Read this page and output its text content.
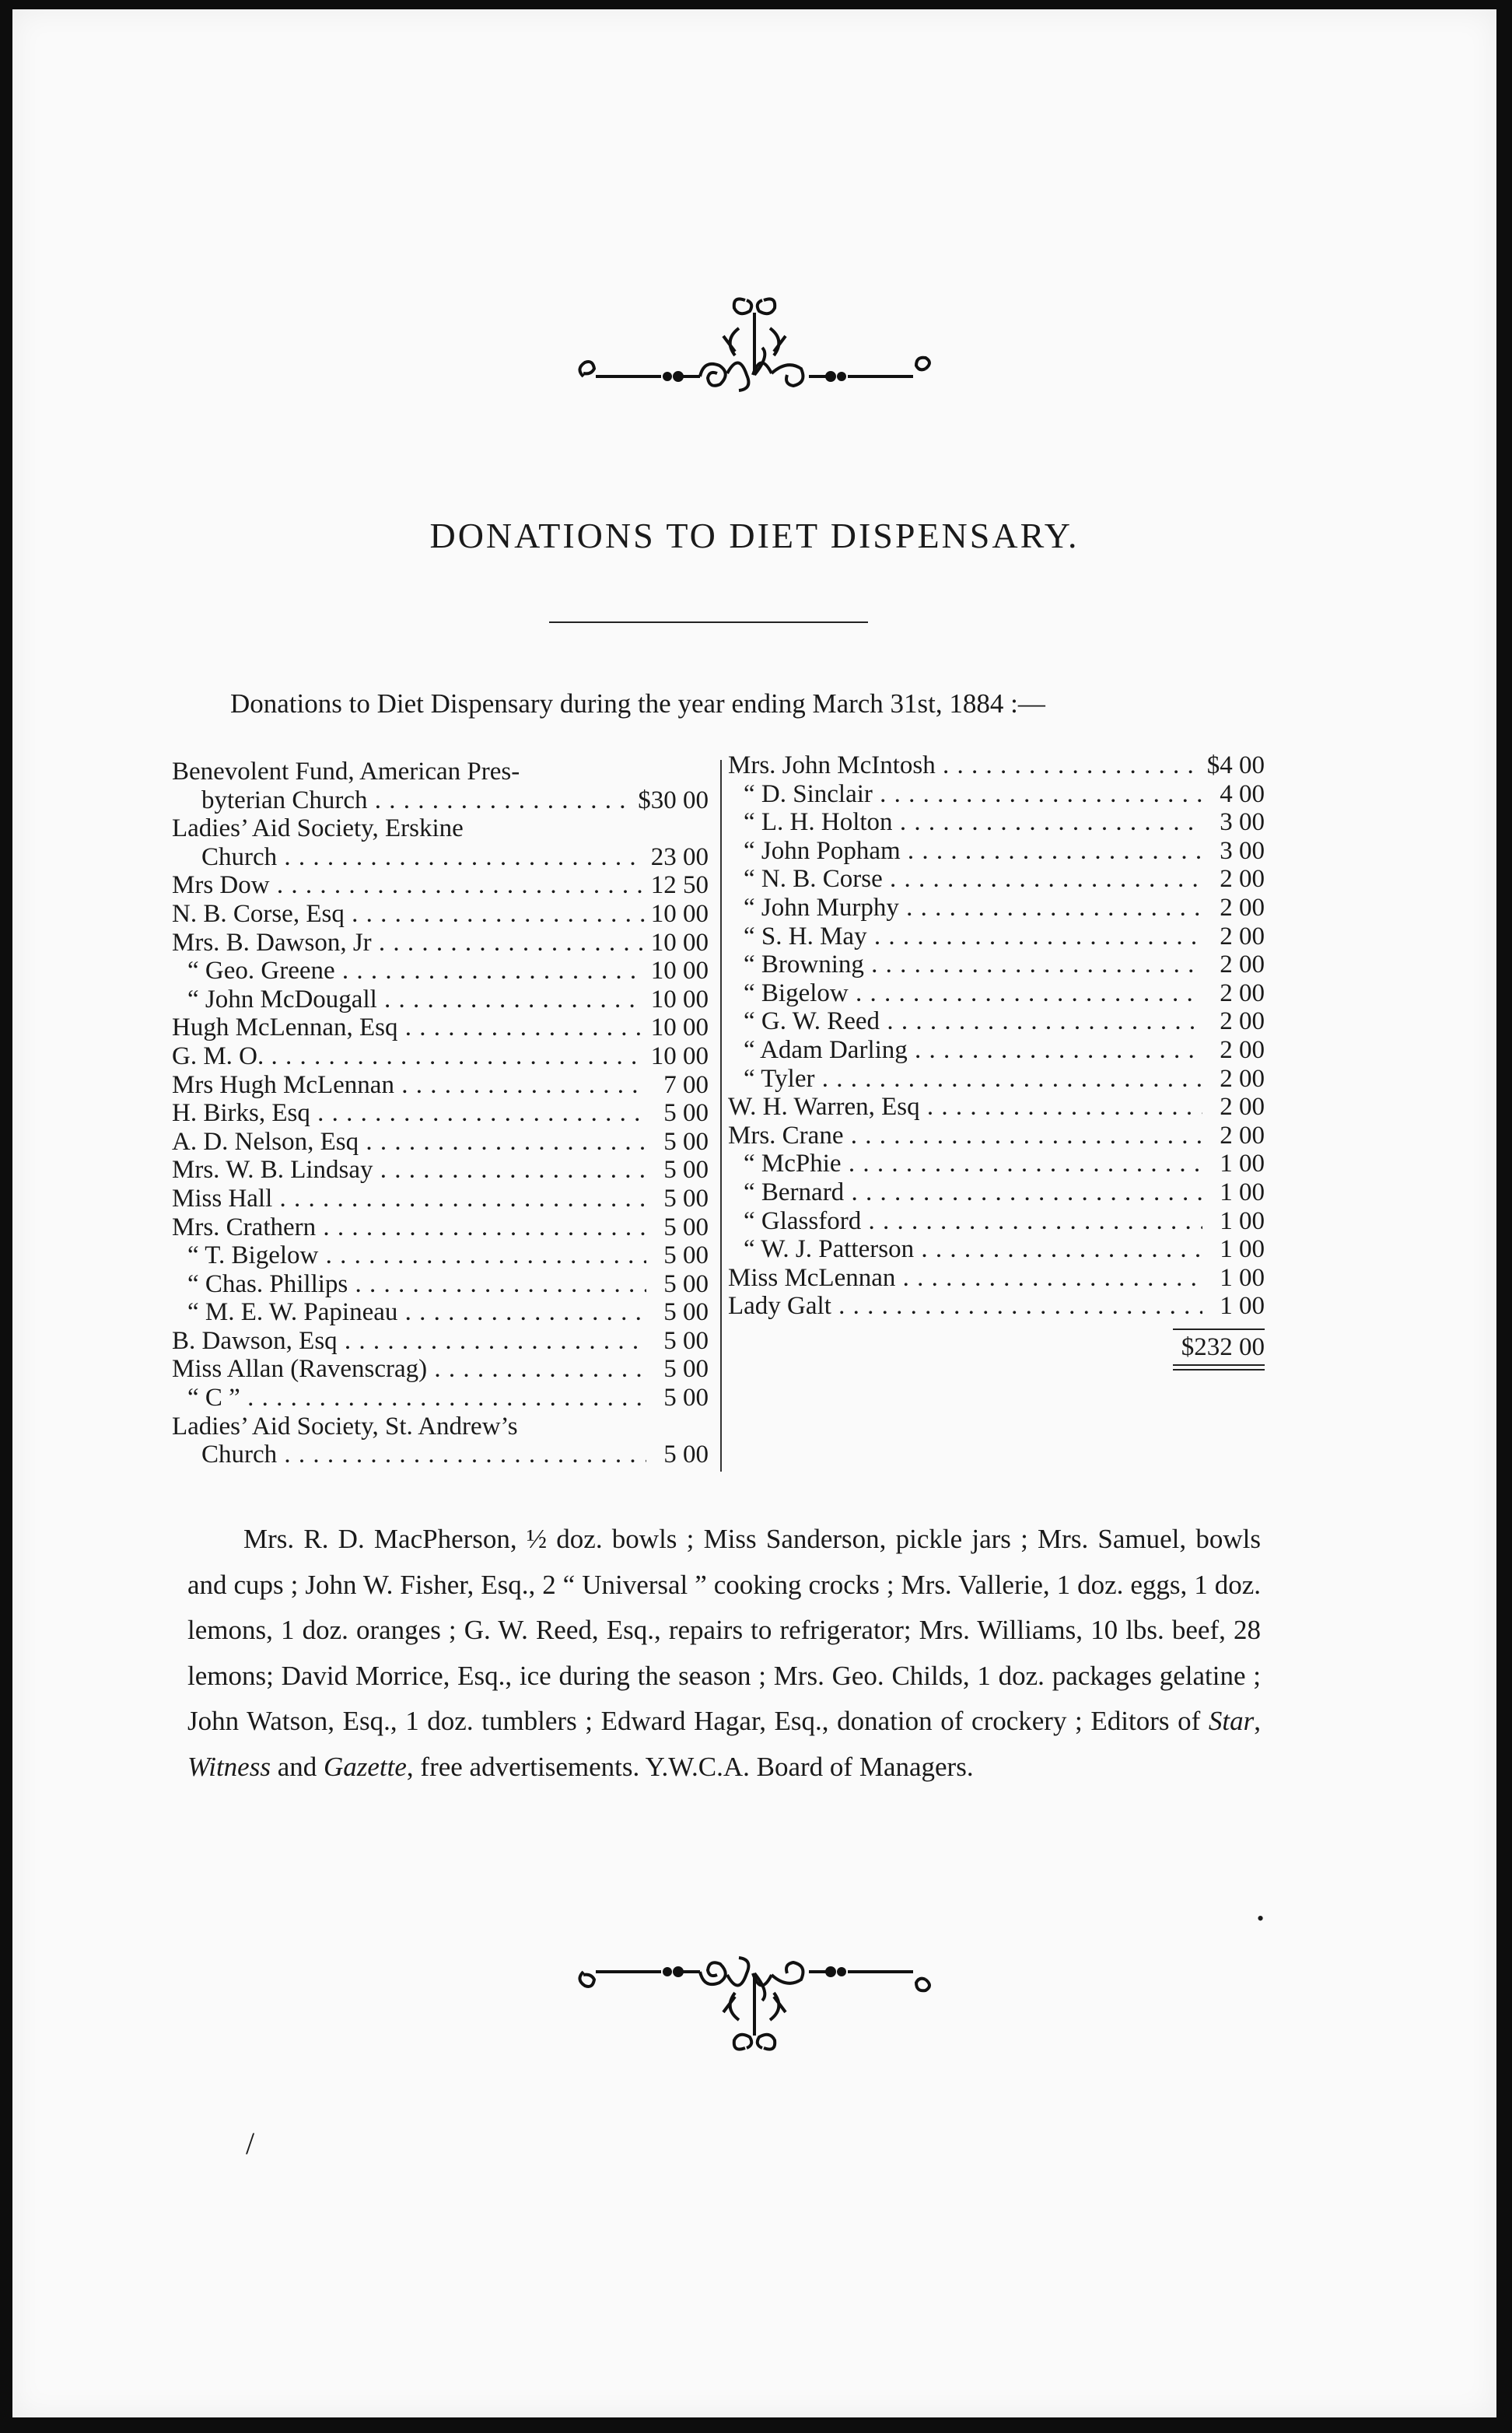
DONATIONS TO DIET DISPENSARY.
Donations to Diet Dispensary during the year ending March 31st, 1884 :—
Benevolent Fund, American Pres-
byterian Church . . .	$30 00
Ladies’ Aid Society, Erskine
Church . . .	23 00
Mrs Dow . . .	12 50
N. B. Corse, Esq . . .	10 00
Mrs. B. Dawson, Jr . . .	10 00
“ Geo. Greene . . .	10 00
“ John McDougall . . .	10 00
Hugh McLennan, Esq . . .	10 00
G. M. O. . . .	10 00
Mrs Hugh McLennan . . .	7 00
H. Birks, Esq . . .	5 00
A. D. Nelson, Esq . . .	5 00
Mrs. W. B. Lindsay . . .	5 00
Miss Hall . . .	5 00
Mrs. Crathern . . .	5 00
“ T. Bigelow . . .	5 00
“ Chas. Phillips . . .	5 00
“ M. E. W. Papineau . . .	5 00
B. Dawson, Esq . . .	5 00
Miss Allan (Ravenscrag) . . .	5 00
“ C ” . . .	5 00
Ladies’ Aid Society, St. Andrew’s
Church . . .	5 00
Mrs. John McIntosh . . .	$4 00
“ D. Sinclair . . .	4 00
“ L. H. Holton . . .	3 00
“ John Popham . . .	3 00
“ N. B. Corse . . .	2 00
“ John Murphy . . .	2 00
“ S. H. May . . .	2 00
“ Browning . . .	2 00
“ Bigelow . . .	2 00
“ G. W. Reed . . .	2 00
“ Adam Darling . . .	2 00
“ Tyler . . .	2 00
W. H. Warren, Esq . . .	2 00
Mrs. Crane . . .	2 00
“ McPhie . . .	1 00
“ Bernard . . .	1 00
“ Glassford . . .	1 00
“ W. J. Patterson . . .	1 00
Miss McLennan . . .	1 00
Lady Galt . . .	1 00
$232 00
Mrs. R. D. MacPherson, ½ doz. bowls ; Miss Sanderson, pickle jars ; Mrs. Samuel, bowls and cups ; John W. Fisher, Esq., 2 “ Universal ” cooking crocks ; Mrs. Vallerie, 1 doz. eggs, 1 doz. lemons, 1 doz. oranges ; G. W. Reed, Esq., repairs to refrigerator; Mrs. Williams, 10 lbs. beef, 28 lemons; David Morrice, Esq., ice during the season ; Mrs. Geo. Childs, 1 doz. packages gelatine ; John Watson, Esq., 1 doz. tumblers ; Edward Hagar, Esq., donation of crockery ; Editors of Star, Witness and Gazette, free advertisements. Y.W.C.A. Board of Managers.
/
•
